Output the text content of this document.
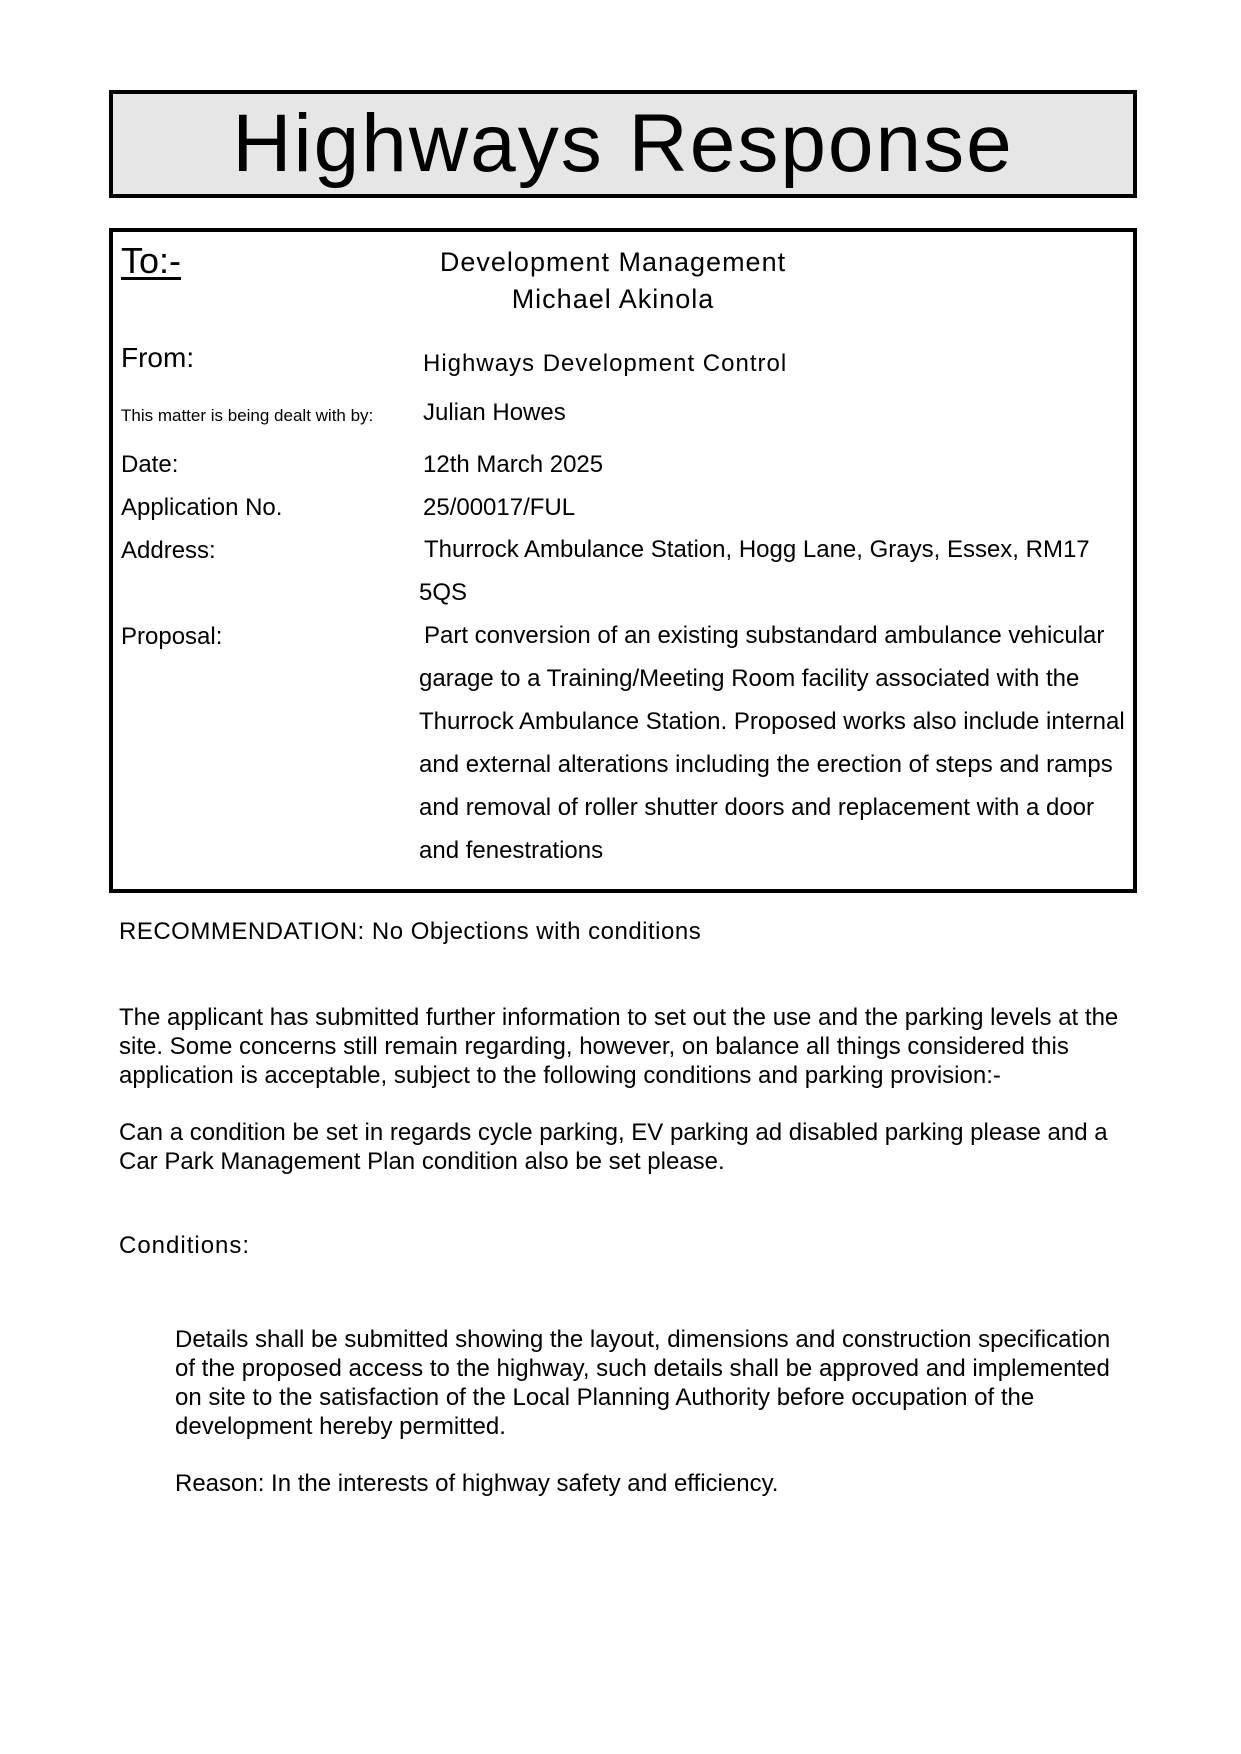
Highways Response
To:-	Development Management
Michael Akinola
From:	Highways Development Control
This matter is being dealt with by: Julian Howes
Date:	12th March 2025
Application No.	25/00017/FUL
Address:	Thurrock Ambulance Station, Hogg Lane, Grays, Essex, RM17 5QS
Proposal:	Part conversion of an existing substandard ambulance vehicular garage to a Training/Meeting Room facility associated with the Thurrock Ambulance Station. Proposed works also include internal and external alterations including the erection of steps and ramps and removal of roller shutter doors and replacement with a door and fenestrations
RECOMMENDATION: No Objections with conditions
The applicant has submitted further information to set out the use and the parking levels at the site. Some concerns still remain regarding, however, on balance all things considered this application is acceptable, subject to the following conditions and parking provision:-
Can a condition be set in regards cycle parking, EV parking ad disabled parking please and a Car Park Management Plan condition also be set please.
Conditions:
Details shall be submitted showing the layout, dimensions and construction specification of the proposed access to the highway, such details shall be approved and implemented on site to the satisfaction of the Local Planning Authority before occupation of the development hereby permitted.
Reason: In the interests of highway safety and efficiency.
